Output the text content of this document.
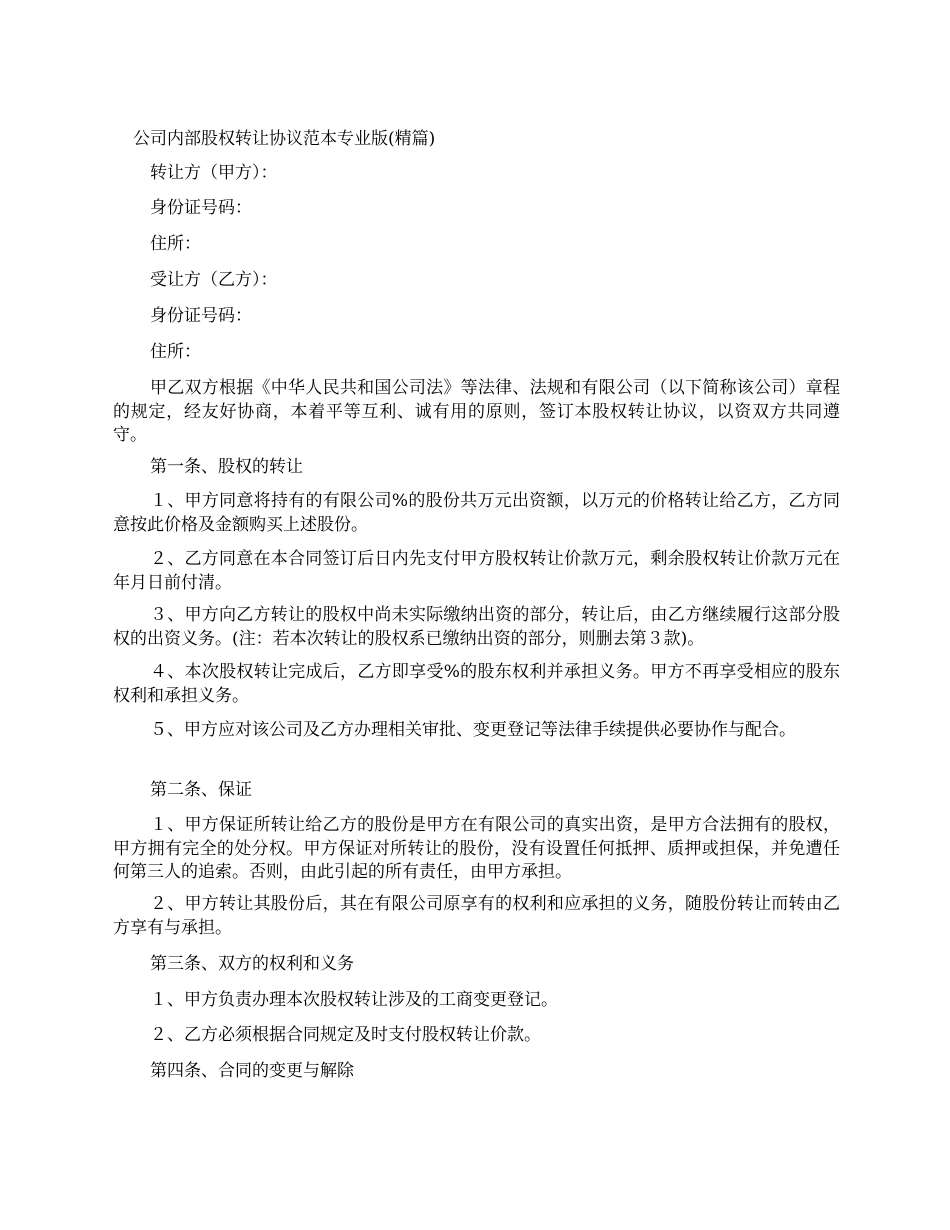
公司内部股权转让协议范本专业版(精篇)
转让方（甲方）：
身份证号码：
住所：
受让方（乙方）：
身份证号码：
住所：
甲乙双方根据《中华人民共和国公司法》等法律、法规和有限公司（以下简称该公司）章程的规定，经友好协商，本着平等互利、诚有用的原则，签订本股权转让协议，以资双方共同遵守。
第一条、股权的转让
１、甲方同意将持有的有限公司%的股份共万元出资额，以万元的价格转让给乙方，乙方同意按此价格及金额购买上述股份。
２、乙方同意在本合同签订后日内先支付甲方股权转让价款万元，剩余股权转让价款万元在年月日前付清。
３、甲方向乙方转让的股权中尚未实际缴纳出资的部分，转让后，由乙方继续履行这部分股权的出资义务。(注：若本次转让的股权系已缴纳出资的部分，则删去第３款)。
４、本次股权转让完成后，乙方即享受%的股东权利并承担义务。甲方不再享受相应的股东权利和承担义务。
５、甲方应对该公司及乙方办理相关审批、变更登记等法律手续提供必要协作与配合。
第二条、保证
１、甲方保证所转让给乙方的股份是甲方在有限公司的真实出资，是甲方合法拥有的股权，甲方拥有完全的处分权。甲方保证对所转让的股份，没有设置任何抵押、质押或担保，并免遭任何第三人的追索。否则，由此引起的所有责任，由甲方承担。
２、甲方转让其股份后，其在有限公司原享有的权利和应承担的义务，随股份转让而转由乙方享有与承担。
第三条、双方的权利和义务
１、甲方负责办理本次股权转让涉及的工商变更登记。
２、乙方必须根据合同规定及时支付股权转让价款。
第四条、合同的变更与解除
